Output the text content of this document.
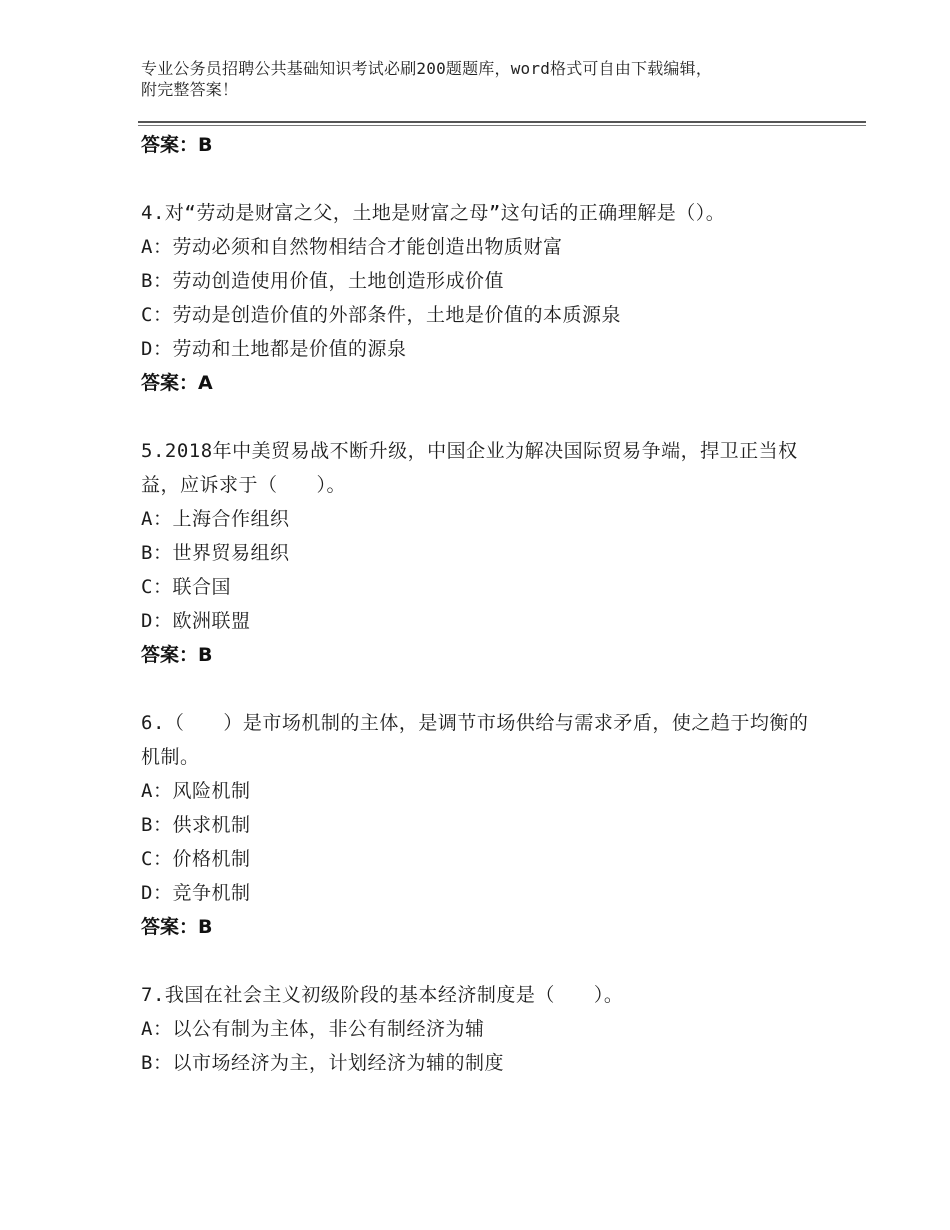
专业公务员招聘公共基础知识考试必刷200题题库，word格式可自由下载编辑，
附完整答案！
答案：B
4.对“劳动是财富之父，土地是财富之母”这句话的正确理解是（）。
A：劳动必须和自然物相结合才能创造出物质财富
B：劳动创造使用价值，土地创造形成价值
C：劳动是创造价值的外部条件，土地是价值的本质源泉
D：劳动和土地都是价值的源泉
答案：A
5.2018年中美贸易战不断升级，中国企业为解决国际贸易争端，捍卫正当权益，应诉求于（　　）。
A：上海合作组织
B：世界贸易组织
C：联合国
D：欧洲联盟
答案：B
6.（　　）是市场机制的主体，是调节市场供给与需求矛盾，使之趋于均衡的机制。
A：风险机制
B：供求机制
C：价格机制
D：竞争机制
答案：B
7.我国在社会主义初级阶段的基本经济制度是（　　）。
A：以公有制为主体，非公有制经济为辅
B：以市场经济为主，计划经济为辅的制度
